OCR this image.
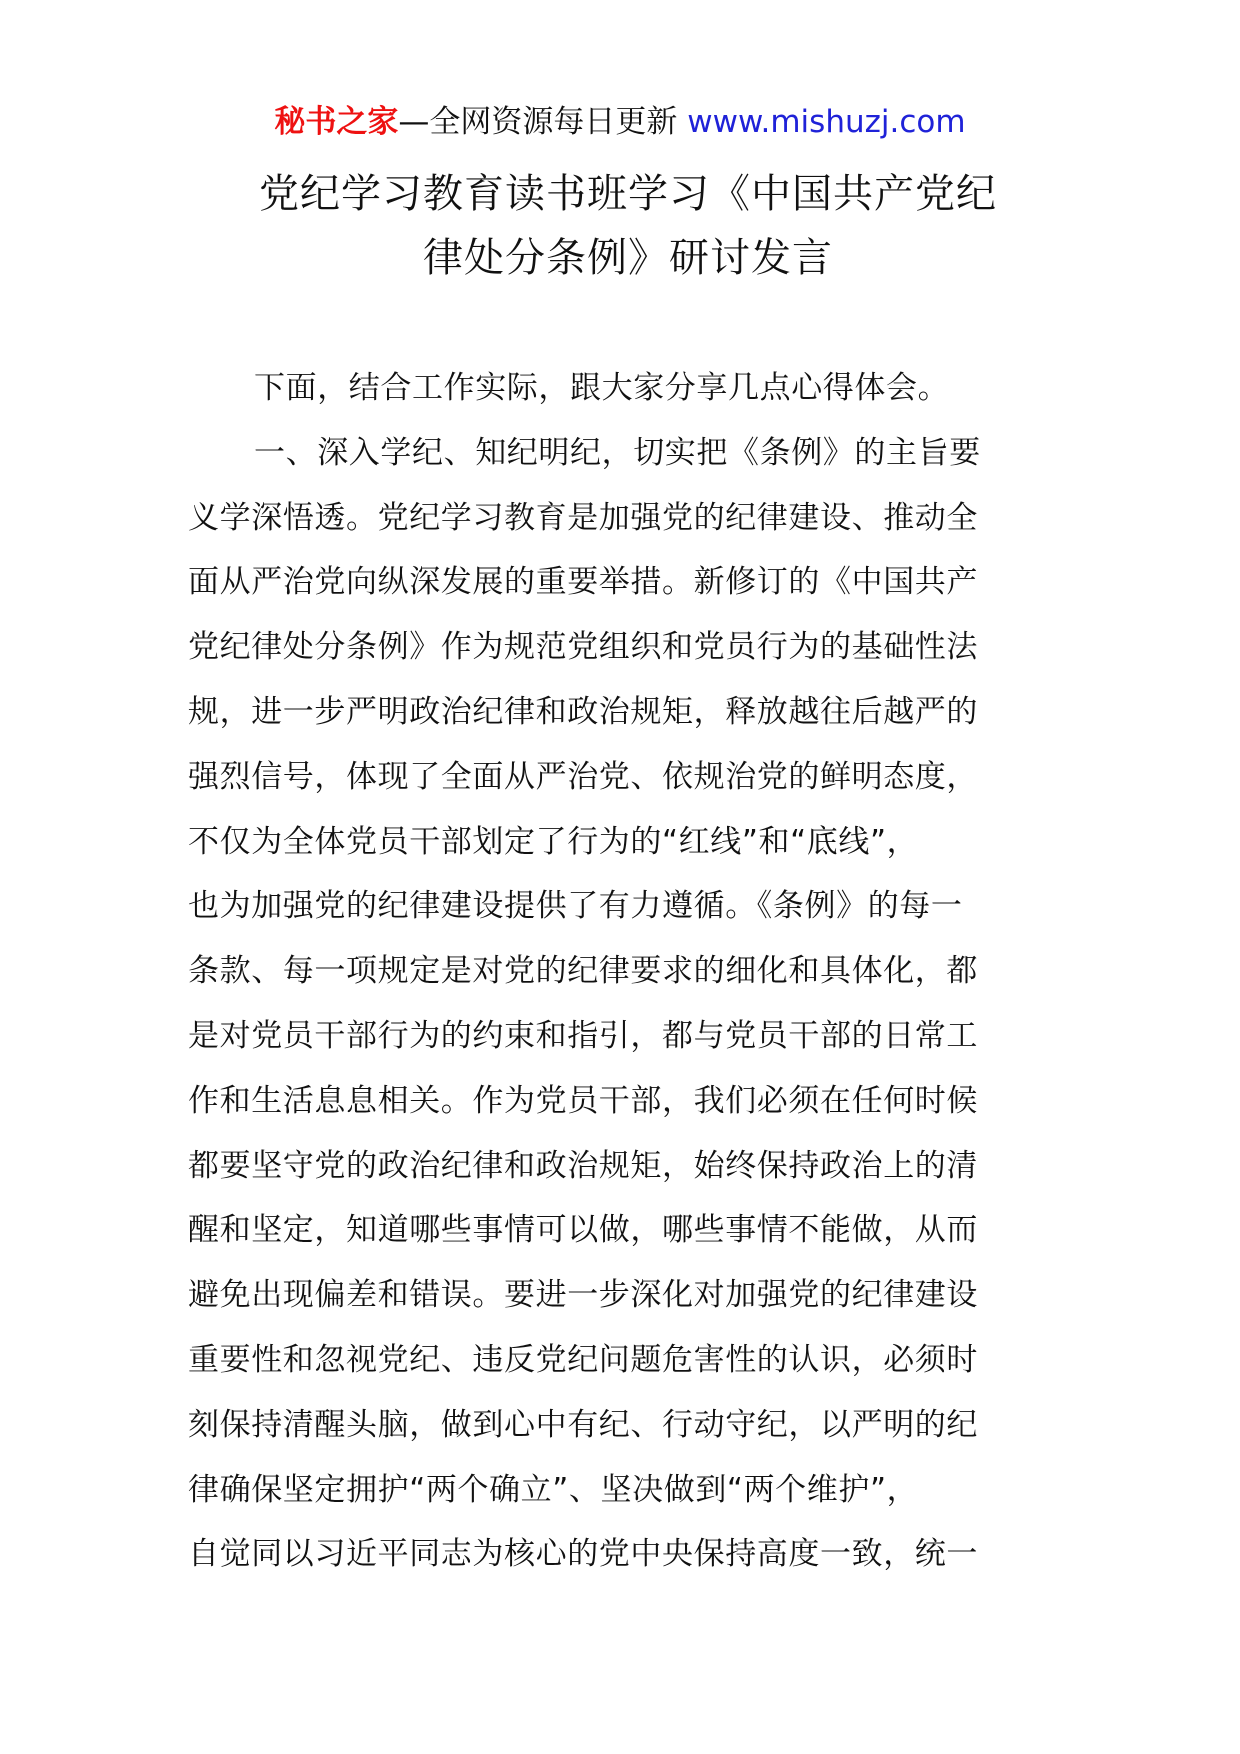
秘书之家—全网资源每日更新 www.mishuzj.com
党纪学习教育读书班学习《中国共产党纪
律处分条例》研讨发言
下面，结合工作实际，跟大家分享几点心得体会。
一、深入学纪、知纪明纪，切实把《条例》的主旨要
义学深悟透。党纪学习教育是加强党的纪律建设、推动全
面从严治党向纵深发展的重要举措。新修订的《中国共产
党纪律处分条例》作为规范党组织和党员行为的基础性法
规，进一步严明政治纪律和政治规矩，释放越往后越严的
强烈信号，体现了全面从严治党、依规治党的鲜明态度，
不仅为全体党员干部划定了行为的“红线”和“底线”，
也为加强党的纪律建设提供了有力遵循。《条例》的每一
条款、每一项规定是对党的纪律要求的细化和具体化，都
是对党员干部行为的约束和指引，都与党员干部的日常工
作和生活息息相关。作为党员干部，我们必须在任何时候
都要坚守党的政治纪律和政治规矩，始终保持政治上的清
醒和坚定，知道哪些事情可以做，哪些事情不能做，从而
避免出现偏差和错误。要进一步深化对加强党的纪律建设
重要性和忽视党纪、违反党纪问题危害性的认识，必须时
刻保持清醒头脑，做到心中有纪、行动守纪，以严明的纪
律确保坚定拥护“两个确立”、坚决做到“两个维护”，
自觉同以习近平同志为核心的党中央保持高度一致，统一
